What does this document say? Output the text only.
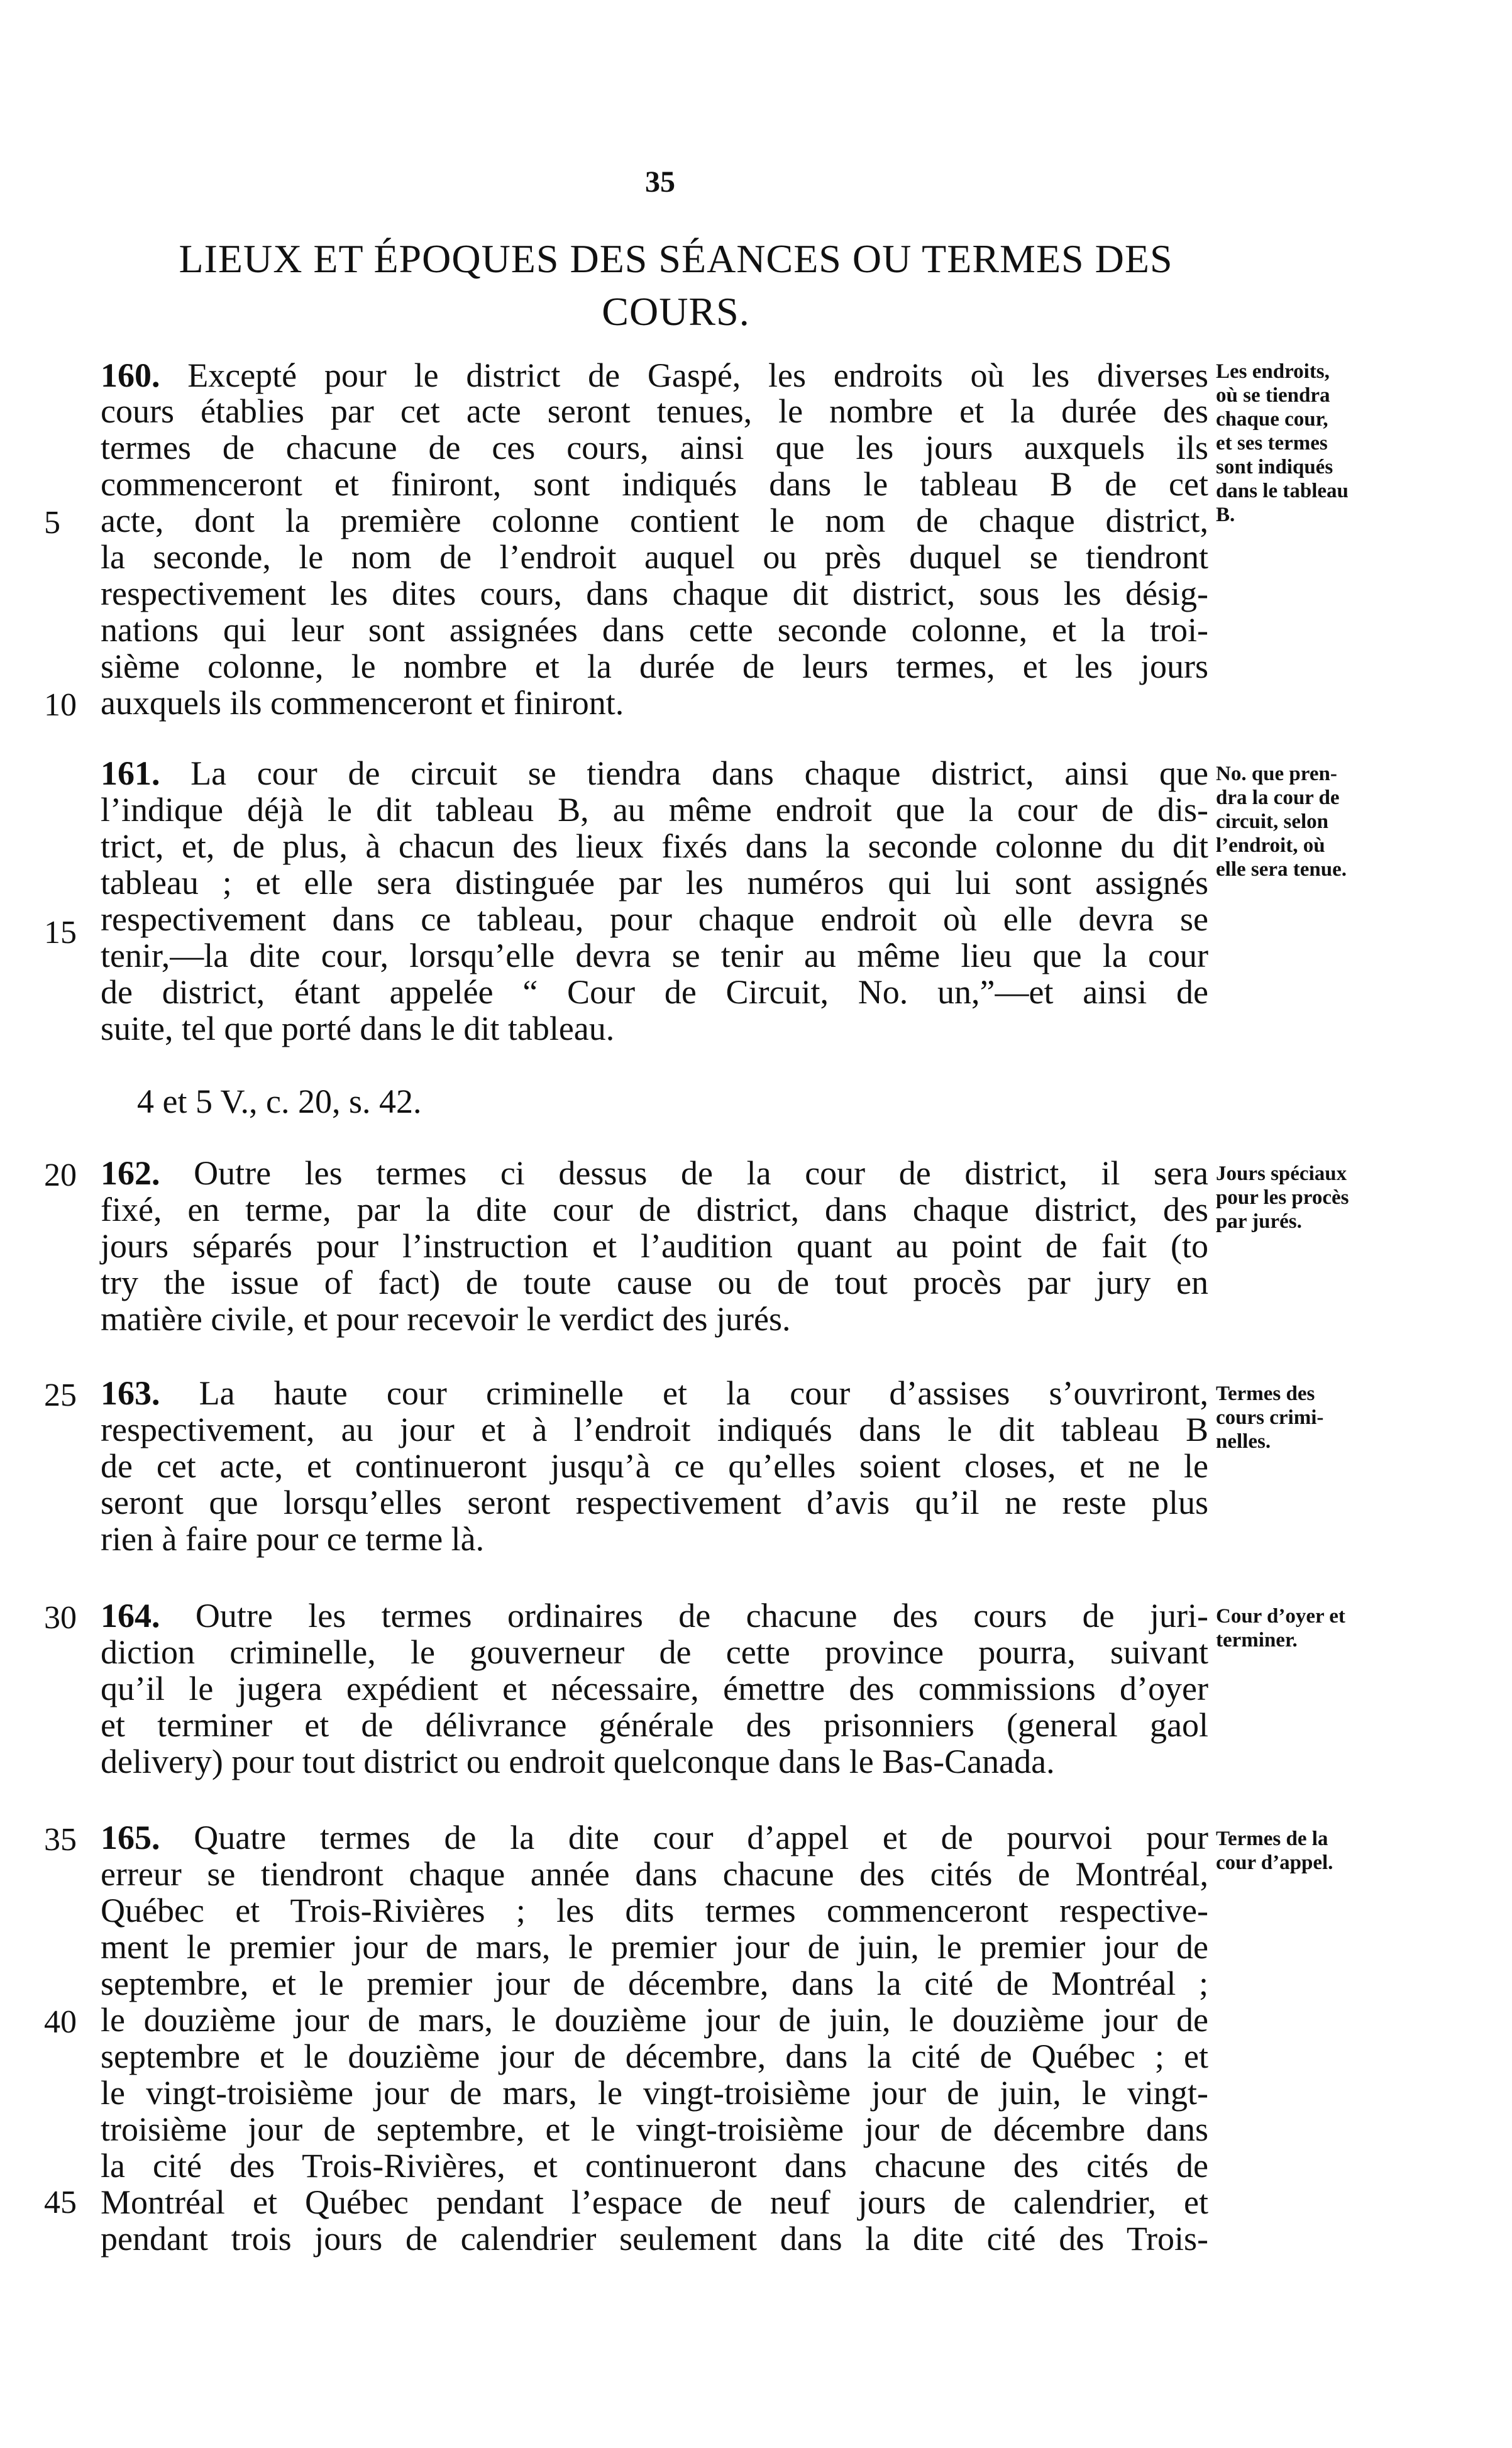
35
LIEUX ET ÉPOQUES DES SÉANCES OU TERMES DES
COURS.
5
10
15
20
25
30
35
40
45
160. Excepté pour le district de Gaspé, les endroits où les diverses
cours établies par cet acte seront tenues, le nombre et la durée des
termes de chacune de ces cours, ainsi que les jours auxquels ils
commenceront et finiront, sont indiqués dans le tableau B de cet
acte, dont la première colonne contient le nom de chaque district,
la seconde, le nom de l’endroit auquel ou près duquel se tiendront
respectivement les dites cours, dans chaque dit district, sous les désig-
nations qui leur sont assignées dans cette seconde colonne, et la troi-
sième colonne, le nombre et la durée de leurs termes, et les jours
auxquels ils commenceront et finiront.
161. La cour de circuit se tiendra dans chaque district, ainsi que
l’indique déjà le dit tableau B, au même endroit que la cour de dis-
trict, et, de plus, à chacun des lieux fixés dans la seconde colonne du dit
tableau ; et elle sera distinguée par les numéros qui lui sont assignés
respectivement dans ce tableau, pour chaque endroit où elle devra se
tenir,—la dite cour, lorsqu’elle devra se tenir au même lieu que la cour
de district, étant appelée “ Cour de Circuit, No. un,”—et ainsi de
suite, tel que porté dans le dit tableau.
4 et 5 V., c. 20, s. 42.
162. Outre les termes ci dessus de la cour de district, il sera
fixé, en terme, par la dite cour de district, dans chaque district, des
jours séparés pour l’instruction et l’audition quant au point de fait (to
try the issue of fact) de toute cause ou de tout procès par jury en
matière civile, et pour recevoir le verdict des jurés.
163. La haute cour criminelle et la cour d’assises s’ouvriront,
respectivement, au jour et à l’endroit indiqués dans le dit tableau B
de cet acte, et continueront jusqu’à ce qu’elles soient closes, et ne le
seront que lorsqu’elles seront respectivement d’avis qu’il ne reste plus
rien à faire pour ce terme là.
164. Outre les termes ordinaires de chacune des cours de juri-
diction criminelle, le gouverneur de cette province pourra, suivant
qu’il le jugera expédient et nécessaire, émettre des commissions d’oyer
et terminer et de délivrance générale des prisonniers (general gaol
delivery) pour tout district ou endroit quelconque dans le Bas-Canada.
165. Quatre termes de la dite cour d’appel et de pourvoi pour
erreur se tiendront chaque année dans chacune des cités de Montréal,
Québec et Trois-Rivières ; les dits termes commenceront respective-
ment le premier jour de mars, le premier jour de juin, le premier jour de
septembre, et le premier jour de décembre, dans la cité de Montréal ;
le douzième jour de mars, le douzième jour de juin, le douzième jour de
septembre et le douzième jour de décembre, dans la cité de Québec ; et
le vingt-troisième jour de mars, le vingt-troisième jour de juin, le vingt-
troisième jour de septembre, et le vingt-troisième jour de décembre dans
la cité des Trois-Rivières, et continueront dans chacune des cités de
Montréal et Québec pendant l’espace de neuf jours de calendrier, et
pendant trois jours de calendrier seulement dans la dite cité des Trois-
Les endroits,
où se tiendra
chaque cour,
et ses termes
sont indiqués
dans le tableau
B.
No. que pren-
dra la cour de
circuit, selon
l’endroit, où
elle sera tenue.
Jours spéciaux
pour les procès
par jurés.
Termes des
cours crimi-
nelles.
Cour d’oyer et
terminer.
Termes de la
cour d’appel.
